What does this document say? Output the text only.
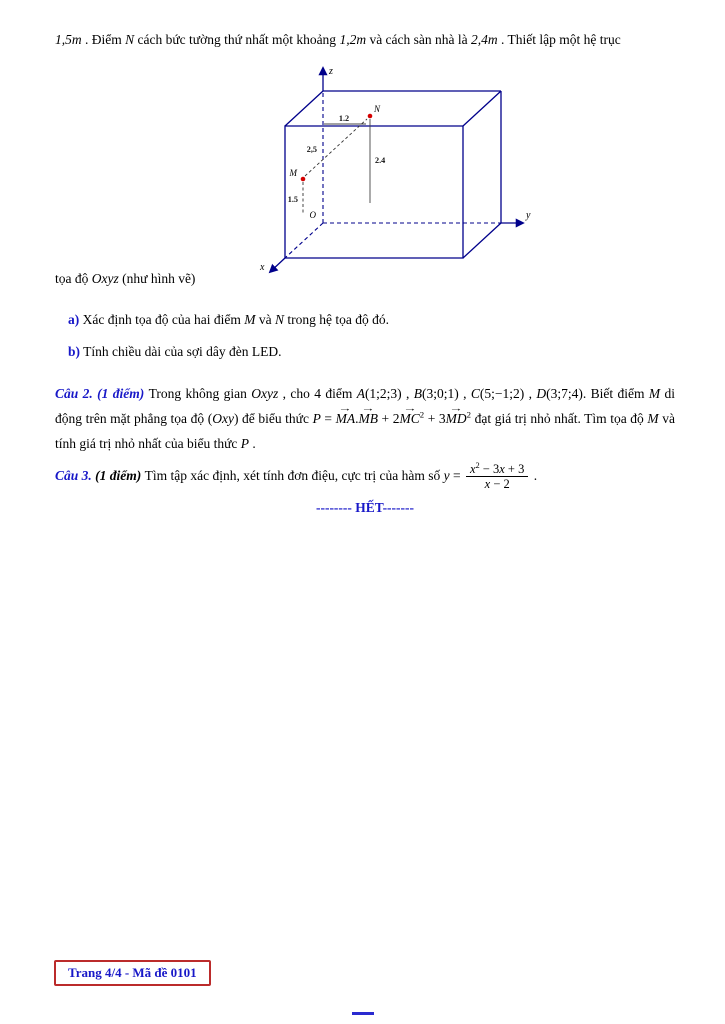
1,5m . Điểm N cách bức tường thứ nhất một khoảng 1,2m và cách sàn nhà là 2,4m . Thiết lập một hệ trục

z
y
x
O
1.2
2.4
2,5
1.5
N
M

tọa độ Oxyz (như hình vẽ)

a) Xác định tọa độ của hai điểm M và N trong hệ tọa độ đó.

b) Tính chiều dài của sợi dây đèn LED.

Câu 2. (1 điểm) Trong không gian Oxyz , cho 4 điểm A(1;2;3) , B(3;0;1) , C(5;−1;2) , D(3;7;4). Biết điểm M di động trên mặt phẳng tọa độ (Oxy) để biểu thức P = MA →.MB → + 2MC →$^2$ + 3MD →$^2$ đạt giá trị nhỏ nhất. Tìm tọa độ M và tính giá trị nhỏ nhất của biểu thức P .

Câu 3. (1 điểm) Tìm tập xác định, xét tính đơn điệu, cực trị của hàm số $y = \frac{x^2 - 3x + 3}{x - 2}$ .

-------- HẾT-------

Trang 4/4 - Mã đề 0101
